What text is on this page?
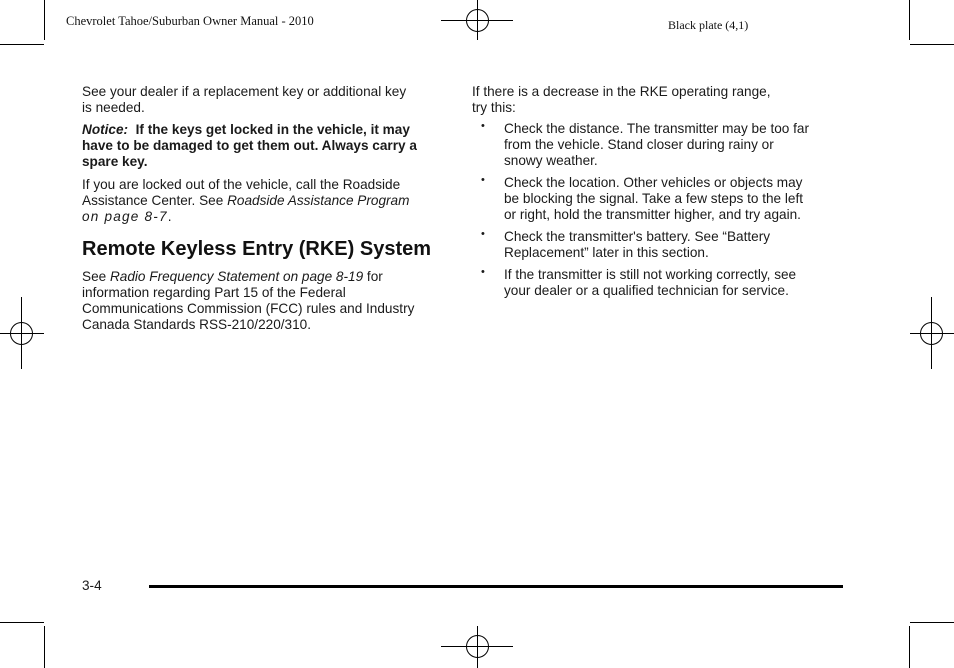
Chevrolet Tahoe/Suburban Owner Manual - 2010	Black plate (4,1)
See your dealer if a replacement key or additional key
is needed.
Notice: If the keys get locked in the vehicle, it may
have to be damaged to get them out. Always carry a
spare key.
If you are locked out of the vehicle, call the Roadside
Assistance Center. See Roadside Assistance Program
on page 8-7.
Remote Keyless Entry (RKE) System
See Radio Frequency Statement on page 8-19 for
information regarding Part 15 of the Federal
Communications Commission (FCC) rules and Industry
Canada Standards RSS-210/220/310.
If there is a decrease in the RKE operating range,
try this:
• Check the distance. The transmitter may be too far
from the vehicle. Stand closer during rainy or
snowy weather.
• Check the location. Other vehicles or objects may
be blocking the signal. Take a few steps to the left
or right, hold the transmitter higher, and try again.
• Check the transmitter's battery. See “Battery
Replacement” later in this section.
• If the transmitter is still not working correctly, see
your dealer or a qualified technician for service.
3-4
